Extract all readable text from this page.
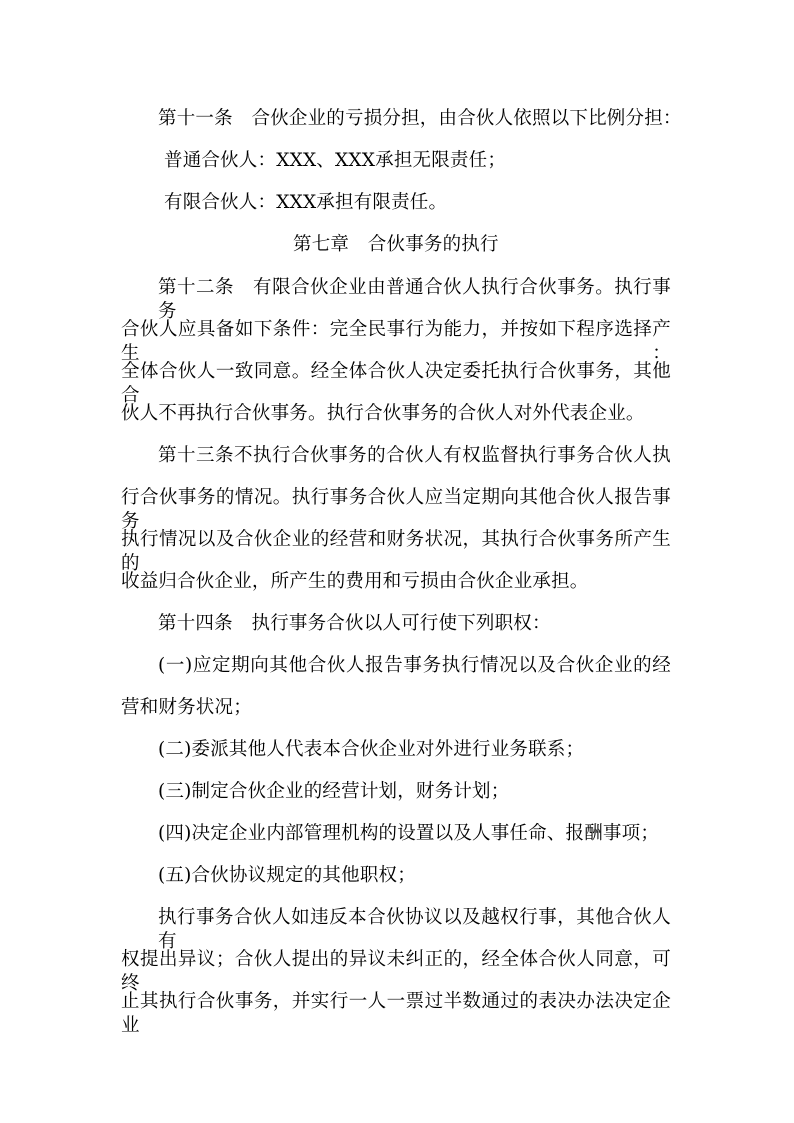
第十一条　合伙企业的亏损分担，由合伙人依照以下比例分担：
普通合伙人：XXX、XXX承担无限责任；
有限合伙人：XXX承担有限责任。
第七章　合伙事务的执行
第十二条　有限合伙企业由普通合伙人执行合伙事务。执行事务
合伙人应具备如下条件：完全民事行为能力，并按如下程序选择产生：
全体合伙人一致同意。经全体合伙人决定委托执行合伙事务，其他合
伙人不再执行合伙事务。执行合伙事务的合伙人对外代表企业。
第十三条不执行合伙事务的合伙人有权监督执行事务合伙人执
行合伙事务的情况。执行事务合伙人应当定期向其他合伙人报告事务
执行情况以及合伙企业的经营和财务状况，其执行合伙事务所产生的
收益归合伙企业，所产生的费用和亏损由合伙企业承担。
第十四条　执行事务合伙以人可行使下列职权：
(一)应定期向其他合伙人报告事务执行情况以及合伙企业的经
营和财务状况；
(二)委派其他人代表本合伙企业对外进行业务联系；
(三)制定合伙企业的经营计划，财务计划；
(四)决定企业内部管理机构的设置以及人事任命、报酬事项；
(五)合伙协议规定的其他职权；
执行事务合伙人如违反本合伙协议以及越权行事，其他合伙人有
权提出异议；合伙人提出的异议未纠正的，经全体合伙人同意，可终
止其执行合伙事务，并实行一人一票过半数通过的表决办法决定企业
